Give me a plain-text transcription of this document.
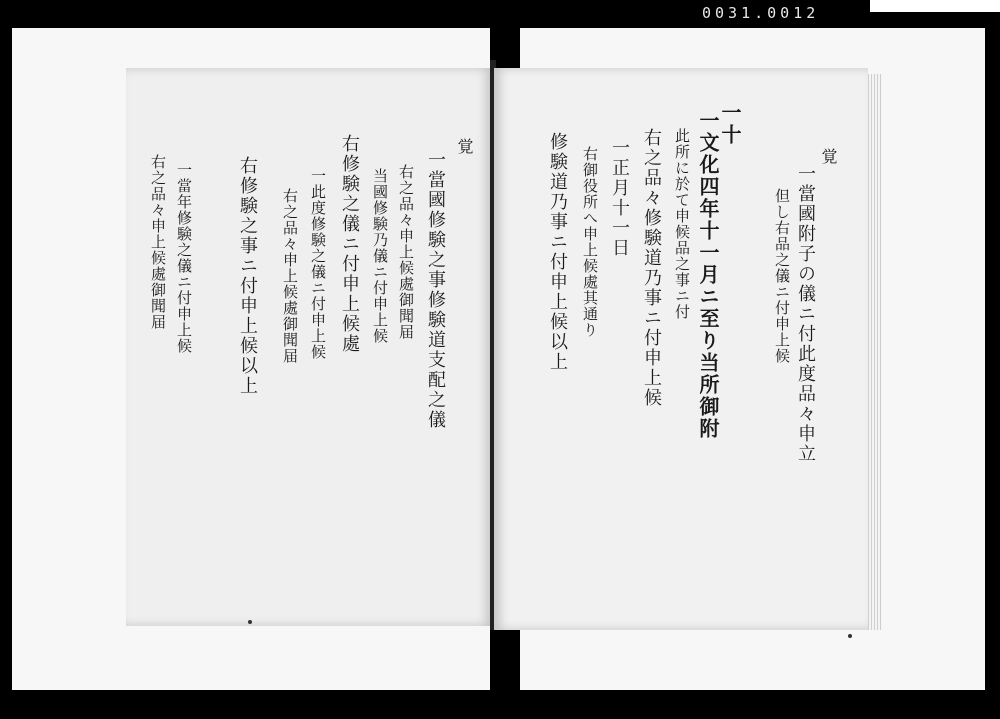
0031.0012
覚
一當國修験之事修験道支配之儀
右之品々申上候處御聞届
当國修験乃儀ニ付申上候
右修験之儀ニ付申上候處
一此度修験之儀ニ付申上候
右之品々申上候處御聞届
右修験之事ニ付申上候以上
一當年修験之儀ニ付申上候
右之品々申上候處御聞届	覚
一當國附子の儀ニ付此度品々申立
但し右品之儀ニ付申上候
一十
一文化四年十一月ニ至り当所御附
此所に於て申候品之事ニ付
右之品々修験道乃事ニ付申上候
一正月十一日
右御役所へ申上候處其通り
修験道乃事ニ付申上候以上
